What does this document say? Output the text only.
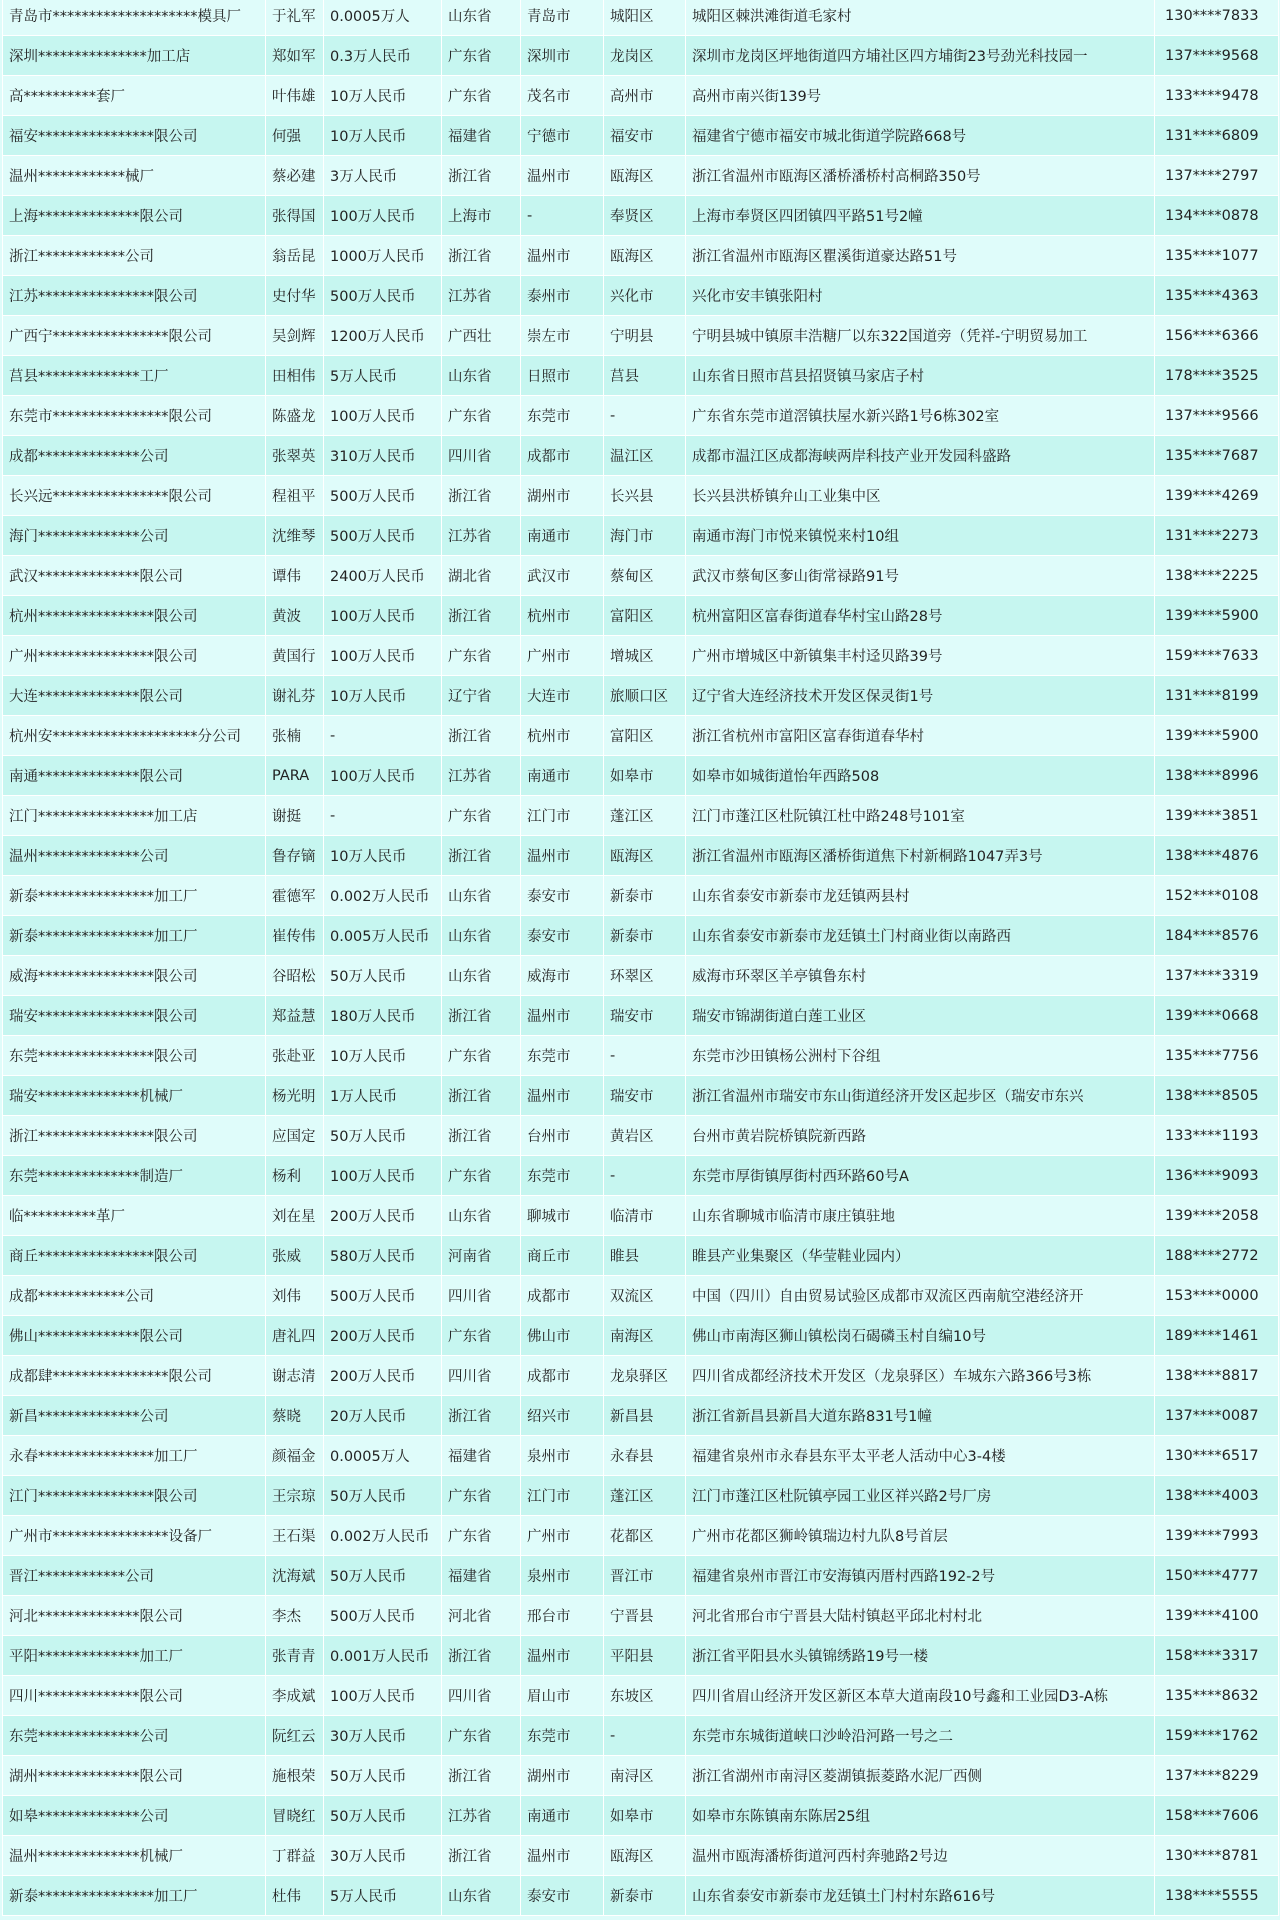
青岛市********************模具厂	于礼军	0.0005万人	山东省	青岛市	城阳区	城阳区棘洪滩街道毛家村	130****7833
深圳***************加工店	郑如军	0.3万人民币	广东省	深圳市	龙岗区	深圳市龙岗区坪地街道四方埔社区四方埔街23号劲光科技园一	137****9568
高**********套厂	叶伟雄	10万人民币	广东省	茂名市	高州市	高州市南兴街139号	133****9478
福安****************限公司	何强	10万人民币	福建省	宁德市	福安市	福建省宁德市福安市城北街道学院路668号	131****6809
温州************械厂	蔡必建	3万人民币	浙江省	温州市	瓯海区	浙江省温州市瓯海区潘桥潘桥村高桐路350号	137****2797
上海**************限公司	张得国	100万人民币	上海市	-	奉贤区	上海市奉贤区四团镇四平路51号2幢	134****0878
浙江************公司	翁岳昆	1000万人民币	浙江省	温州市	瓯海区	浙江省温州市瓯海区瞿溪街道豪达路51号	135****1077
江苏****************限公司	史付华	500万人民币	江苏省	泰州市	兴化市	兴化市安丰镇张阳村	135****4363
广西宁****************限公司	吴剑辉	1200万人民币	广西壮	崇左市	宁明县	宁明县城中镇原丰浩糖厂以东322国道旁（凭祥-宁明贸易加工	156****6366
莒县**************工厂	田相伟	5万人民币	山东省	日照市	莒县	山东省日照市莒县招贤镇马家店子村	178****3525
东莞市****************限公司	陈盛龙	100万人民币	广东省	东莞市	-	广东省东莞市道滘镇扶屋水新兴路1号6栋302室	137****9566
成都**************公司	张翠英	310万人民币	四川省	成都市	温江区	成都市温江区成都海峡两岸科技产业开发园科盛路	135****7687
长兴远****************限公司	程祖平	500万人民币	浙江省	湖州市	长兴县	长兴县洪桥镇弁山工业集中区	139****4269
海门**************公司	沈维琴	500万人民币	江苏省	南通市	海门市	南通市海门市悦来镇悦来村10组	131****2273
武汉**************限公司	谭伟	2400万人民币	湖北省	武汉市	蔡甸区	武汉市蔡甸区奓山街常禄路91号	138****2225
杭州****************限公司	黄波	100万人民币	浙江省	杭州市	富阳区	杭州富阳区富春街道春华村宝山路28号	139****5900
广州****************限公司	黄国行	100万人民币	广东省	广州市	增城区	广州市增城区中新镇集丰村迳贝路39号	159****7633
大连**************限公司	谢礼芬	10万人民币	辽宁省	大连市	旅顺口区	辽宁省大连经济技术开发区保灵街1号	131****8199
杭州安********************分公司	张楠	-	浙江省	杭州市	富阳区	浙江省杭州市富阳区富春街道春华村	139****5900
南通**************限公司	PARA	100万人民币	江苏省	南通市	如皋市	如皋市如城街道怡年西路508	138****8996
江门****************加工店	谢挺	-	广东省	江门市	蓬江区	江门市蓬江区杜阮镇江杜中路248号101室	139****3851
温州**************公司	鲁存镝	10万人民币	浙江省	温州市	瓯海区	浙江省温州市瓯海区潘桥街道焦下村新桐路1047弄3号	138****4876
新泰****************加工厂	霍德军	0.002万人民币	山东省	泰安市	新泰市	山东省泰安市新泰市龙廷镇两县村	152****0108
新泰****************加工厂	崔传伟	0.005万人民币	山东省	泰安市	新泰市	山东省泰安市新泰市龙廷镇土门村商业街以南路西	184****8576
威海****************限公司	谷昭松	50万人民币	山东省	威海市	环翠区	威海市环翠区羊亭镇鲁东村	137****3319
瑞安****************限公司	郑益慧	180万人民币	浙江省	温州市	瑞安市	瑞安市锦湖街道白莲工业区	139****0668
东莞****************限公司	张赴亚	10万人民币	广东省	东莞市	-	东莞市沙田镇杨公洲村下谷组	135****7756
瑞安**************机械厂	杨光明	1万人民币	浙江省	温州市	瑞安市	浙江省温州市瑞安市东山街道经济开发区起步区（瑞安市东兴	138****8505
浙江****************限公司	应国定	50万人民币	浙江省	台州市	黄岩区	台州市黄岩院桥镇院新西路	133****1193
东莞**************制造厂	杨利	100万人民币	广东省	东莞市	-	东莞市厚街镇厚街村西环路60号A	136****9093
临**********革厂	刘在星	200万人民币	山东省	聊城市	临清市	山东省聊城市临清市康庄镇驻地	139****2058
商丘****************限公司	张威	580万人民币	河南省	商丘市	睢县	睢县产业集聚区（华莹鞋业园内）	188****2772
成都************公司	刘伟	500万人民币	四川省	成都市	双流区	中国（四川）自由贸易试验区成都市双流区西南航空港经济开	153****0000
佛山**************限公司	唐礼四	200万人民币	广东省	佛山市	南海区	佛山市南海区狮山镇松岗石碣磷玉村自编10号	189****1461
成都肆****************限公司	谢志清	200万人民币	四川省	成都市	龙泉驿区	四川省成都经济技术开发区（龙泉驿区）车城东六路366号3栋	138****8817
新昌**************公司	蔡晓	20万人民币	浙江省	绍兴市	新昌县	浙江省新昌县新昌大道东路831号1幢	137****0087
永春****************加工厂	颜福金	0.0005万人	福建省	泉州市	永春县	福建省泉州市永春县东平太平老人活动中心3-4楼	130****6517
江门****************限公司	王宗琼	50万人民币	广东省	江门市	蓬江区	江门市蓬江区杜阮镇亭园工业区祥兴路2号厂房	138****4003
广州市****************设备厂	王石渠	0.002万人民币	广东省	广州市	花都区	广州市花都区狮岭镇瑞边村九队8号首层	139****7993
晋江************公司	沈海斌	50万人民币	福建省	泉州市	晋江市	福建省泉州市晋江市安海镇丙厝村西路192-2号	150****4777
河北**************限公司	李杰	500万人民币	河北省	邢台市	宁晋县	河北省邢台市宁晋县大陆村镇赵平邱北村村北	139****4100
平阳**************加工厂	张青青	0.001万人民币	浙江省	温州市	平阳县	浙江省平阳县水头镇锦绣路19号一楼	158****3317
四川**************限公司	李成斌	100万人民币	四川省	眉山市	东坡区	四川省眉山经济开发区新区本草大道南段10号鑫和工业园D3-A栋	135****8632
东莞**************公司	阮红云	30万人民币	广东省	东莞市	-	东莞市东城街道峡口沙岭沿河路一号之二	159****1762
湖州**************限公司	施根荣	50万人民币	浙江省	湖州市	南浔区	浙江省湖州市南浔区菱湖镇振菱路水泥厂西侧	137****8229
如皋**************公司	冒晓红	50万人民币	江苏省	南通市	如皋市	如皋市东陈镇南东陈居25组	158****7606
温州**************机械厂	丁群益	30万人民币	浙江省	温州市	瓯海区	温州市瓯海潘桥街道河西村奔驰路2号边	130****8781
新泰****************加工厂	杜伟	5万人民币	山东省	泰安市	新泰市	山东省泰安市新泰市龙廷镇土门村村东路616号	138****5555
